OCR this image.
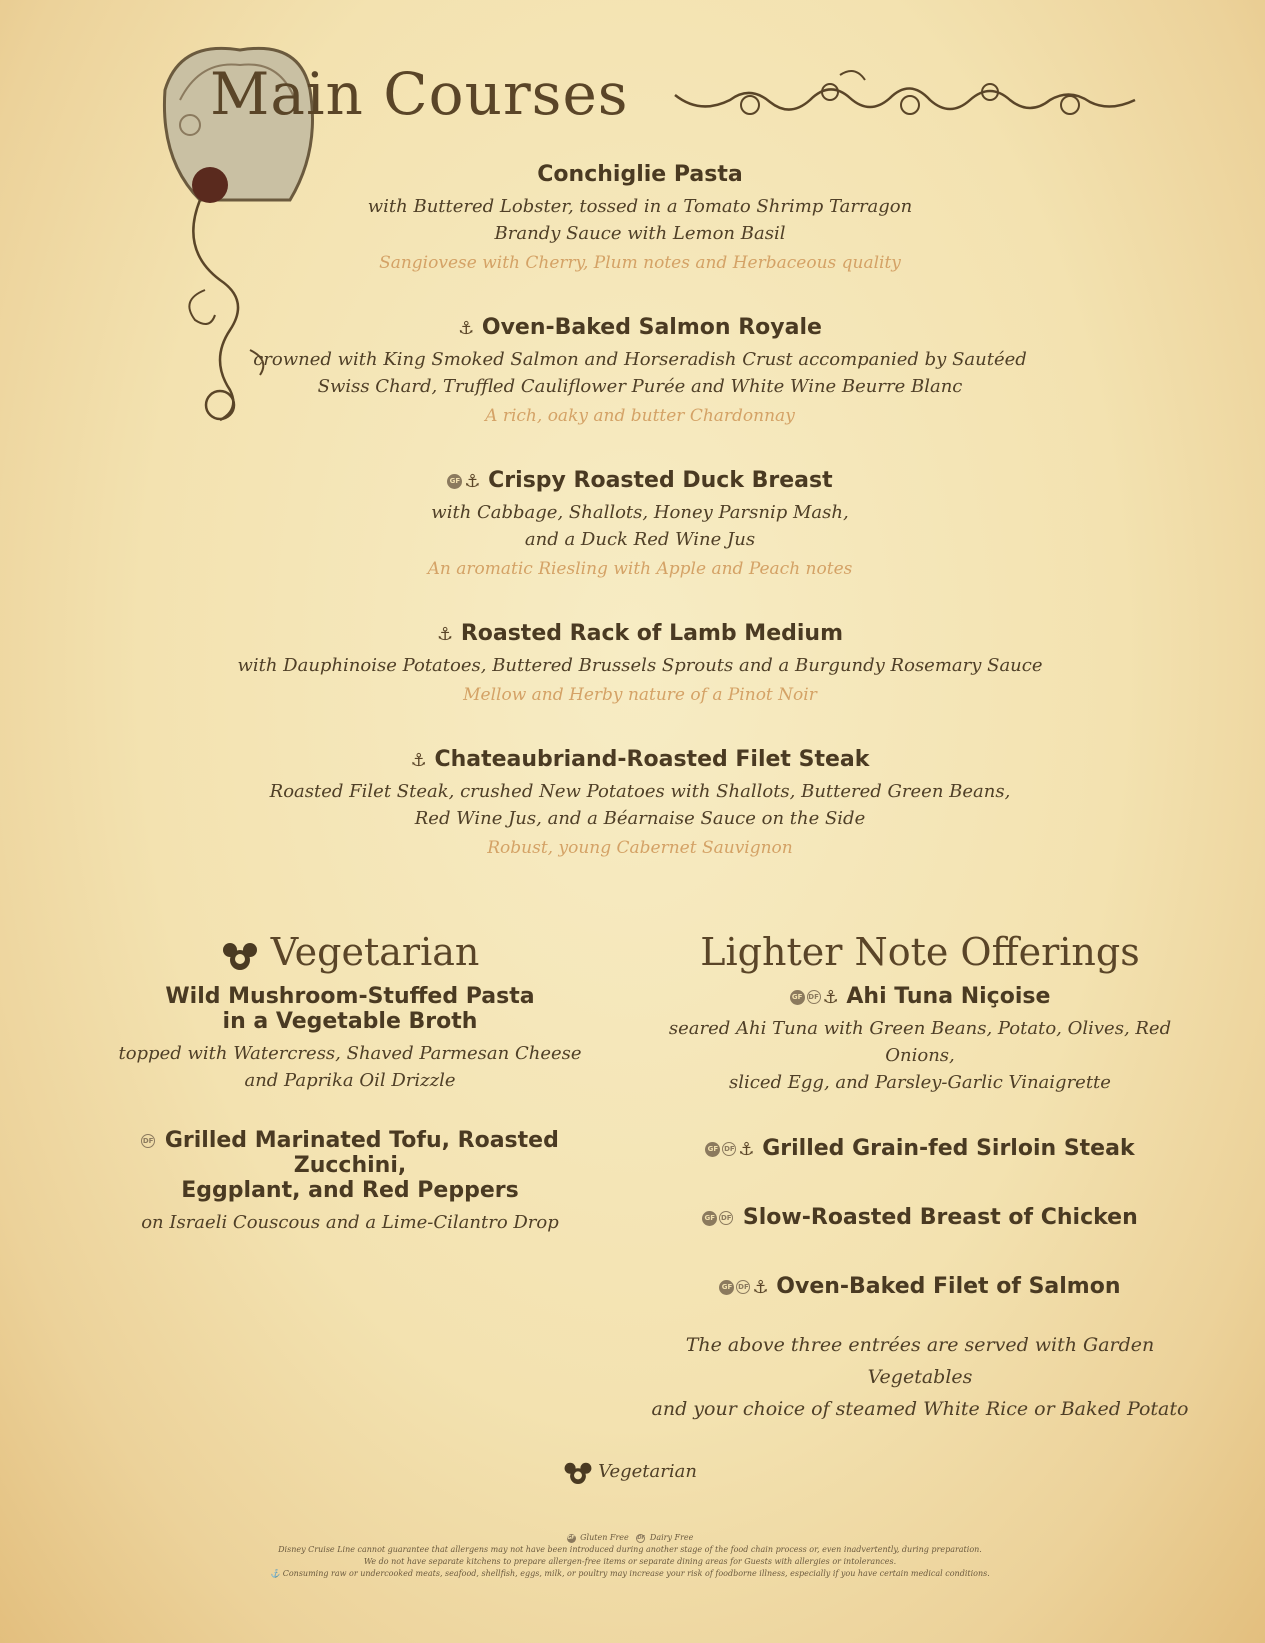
Main Courses
Conchiglie Pasta
with Buttered Lobster, tossed in a Tomato Shrimp Tarragon
Brandy Sauce with Lemon Basil
Sangiovese with Cherry, Plum notes and Herbaceous quality
⚓ Oven-Baked Salmon Royale
crowned with King Smoked Salmon and Horseradish Crust accompanied by Sautéed
Swiss Chard, Truffled Cauliflower Purée and White Wine Beurre Blanc
A rich, oaky and butter Chardonnay
GF ⚓ Crispy Roasted Duck Breast
with Cabbage, Shallots, Honey Parsnip Mash,
and a Duck Red Wine Jus
An aromatic Riesling with Apple and Peach notes
⚓ Roasted Rack of Lamb Medium
with Dauphinoise Potatoes, Buttered Brussels Sprouts and a Burgundy Rosemary Sauce
Mellow and Herby nature of a Pinot Noir
⚓ Chateaubriand-Roasted Filet Steak
Roasted Filet Steak, crushed New Potatoes with Shallots, Buttered Green Beans,
Red Wine Jus, and a Béarnaise Sauce on the Side
Robust, young Cabernet Sauvignon
Vegetarian
Wild Mushroom-Stuffed Pasta
in a Vegetable Broth
topped with Watercress, Shaved Parmesan Cheese
and Paprika Oil Drizzle
DF Grilled Marinated Tofu, Roasted Zucchini,
Eggplant, and Red Peppers
on Israeli Couscous and a Lime-Cilantro Drop
Lighter Note Offerings
GF DF ⚓ Ahi Tuna Niçoise
seared Ahi Tuna with Green Beans, Potato, Olives, Red Onions,
sliced Egg, and Parsley-Garlic Vinaigrette
GF DF ⚓ Grilled Grain-fed Sirloin Steak
GF DF Slow-Roasted Breast of Chicken
GF DF ⚓ Oven-Baked Filet of Salmon
The above three entrées are served with Garden Vegetables
and your choice of steamed White Rice or Baked Potato
Vegetarian
GF Gluten Free DF Dairy Free
Disney Cruise Line cannot guarantee that allergens may not have been introduced during another stage of the food chain process or, even inadvertently, during preparation.
We do not have separate kitchens to prepare allergen-free items or separate dining areas for Guests with allergies or intolerances.
⚓ Consuming raw or undercooked meats, seafood, shellfish, eggs, milk, or poultry may increase your risk of foodborne illness, especially if you have certain medical conditions.
